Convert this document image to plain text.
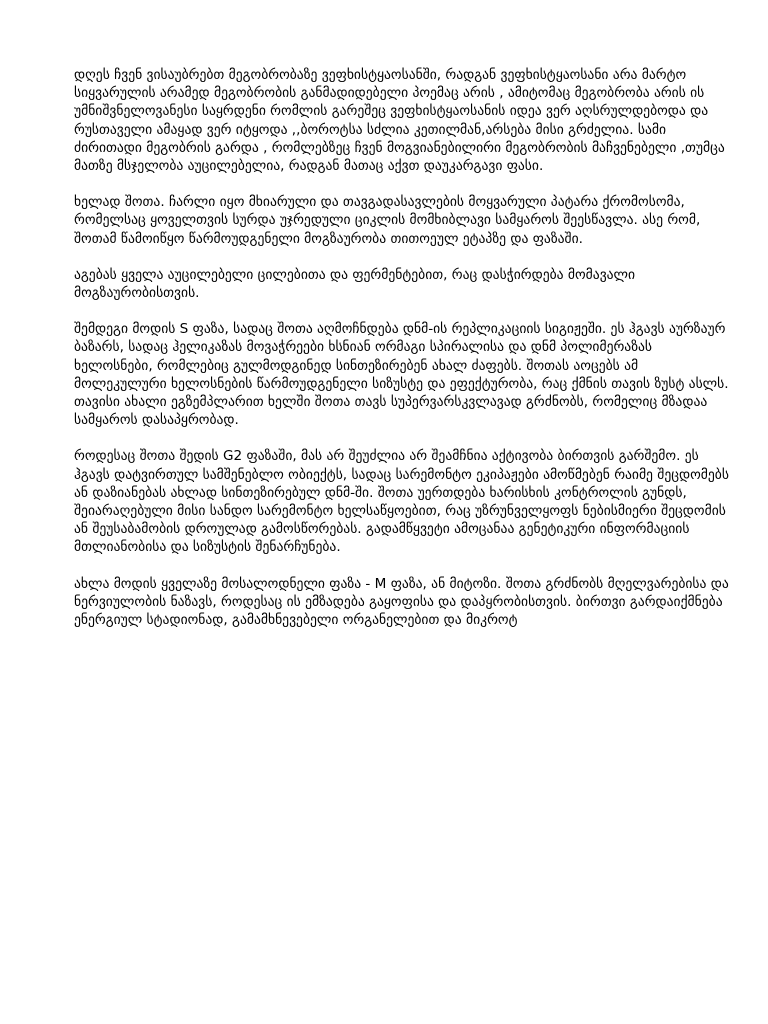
დღეს ჩვენ ვისაუბრებთ მეგობრობაზე ვეფხისტყაოსანში, რადგან ვეფხისტყაოსანი არა მარტო სიყვარულის არამედ მეგობრობის განმადიდებელი პოემაც არის , ამიტომაც მეგობრობა არის ის უმნიშვნელოვანესი საყრდენი რომლის გარეშეც ვეფხისტყაოსანის იდეა ვერ აღსრულდებოდა და რუსთაველი ამაყად ვერ იტყოდა ,,ბოროტსა სძლია კეთილმან,არსება მისი გრძელია. სამი ძირითადი მეგობრის გარდა , რომლებზეც ჩვენ მოგვიანებილირი მეგობრობის მაჩვენებელი ,თუმცა მათზე მსჯელობა აუცილებელია, რადგან მათაც აქვთ დაუკარგავი ფასი.

ხელად შოთა. ჩარლი იყო მხიარული და თავგადასავლების მოყვარული პატარა ქრომოსომა, რომელსაც ყოველთვის სურდა უჯრედული ციკლის მომხიბლავი სამყაროს შეესწავლა. ასე რომ, შოთამ წამოიწყო წარმოუდგენელი მოგზაურობა თითოეულ ეტაპზე და ფაზაში.

აგებას ყველა აუცილებელი ცილებითა და ფერმენტებით, რაც დასჭირდება მომავალი მოგზაურობისთვის.

შემდეგი მოდის S ფაზა, სადაც შოთა აღმოჩნდება დნმ-ის რეპლიკაციის სიგიჟეში. ეს ჰგავს აურზაურ ბაზარს, სადაც ჰელიკაზას მოვაჭრეები ხსნიან ორმაგი სპირალისა და დნმ პოლიმერაზას ხელოსნები, რომლებიც გულმოდგინედ სინთეზირებენ ახალ ძაფებს. შოთას აოცებს ამ მოლეკულური ხელოსნების წარმოუდგენელი სიზუსტე და ეფექტურობა, რაც ქმნის თავის ზუსტ ასლს. თავისი ახალი ეგზემპლარით ხელში შოთა თავს სუპერვარსკვლავად გრძნობს, რომელიც მზადაა სამყაროს დასაპყრობად.

როდესაც შოთა შედის G2 ფაზაში, მას არ შეუძლია არ შეამჩნია აქტივობა ბირთვის გარშემო. ეს ჰგავს დატვირთულ სამშენებლო ობიექტს, სადაც სარემონტო ეკიპაჟები ამოწმებენ რაიმე შეცდომებს ან დაზიანებას ახლად სინთეზირებულ დნმ-ში. შოთა უერთდება ხარისხის კონტროლის გუნდს, შეიარაღებული მისი სანდო სარემონტო ხელსაწყოებით, რაც უზრუნველყოფს ნებისმიერი შეცდომის ან შეუსაბამობის დროულად გამოსწორებას. გადამწყვეტი ამოცანაა გენეტიკური ინფორმაციის მთლიანობისა და სიზუსტის შენარჩუნება.

ახლა მოდის ყველაზე მოსალოდნელი ფაზა - M ფაზა, ან მიტოზი. შოთა გრძნობს მღელვარებისა და ნერვიულობის ნაზავს, როდესაც ის ემზადება გაყოფისა და დაპყრობისთვის. ბირთვი გარდაიქმნება ენერგიულ სტადიონად, გამამხნევებელი ორგანელებით და მიკროტ
